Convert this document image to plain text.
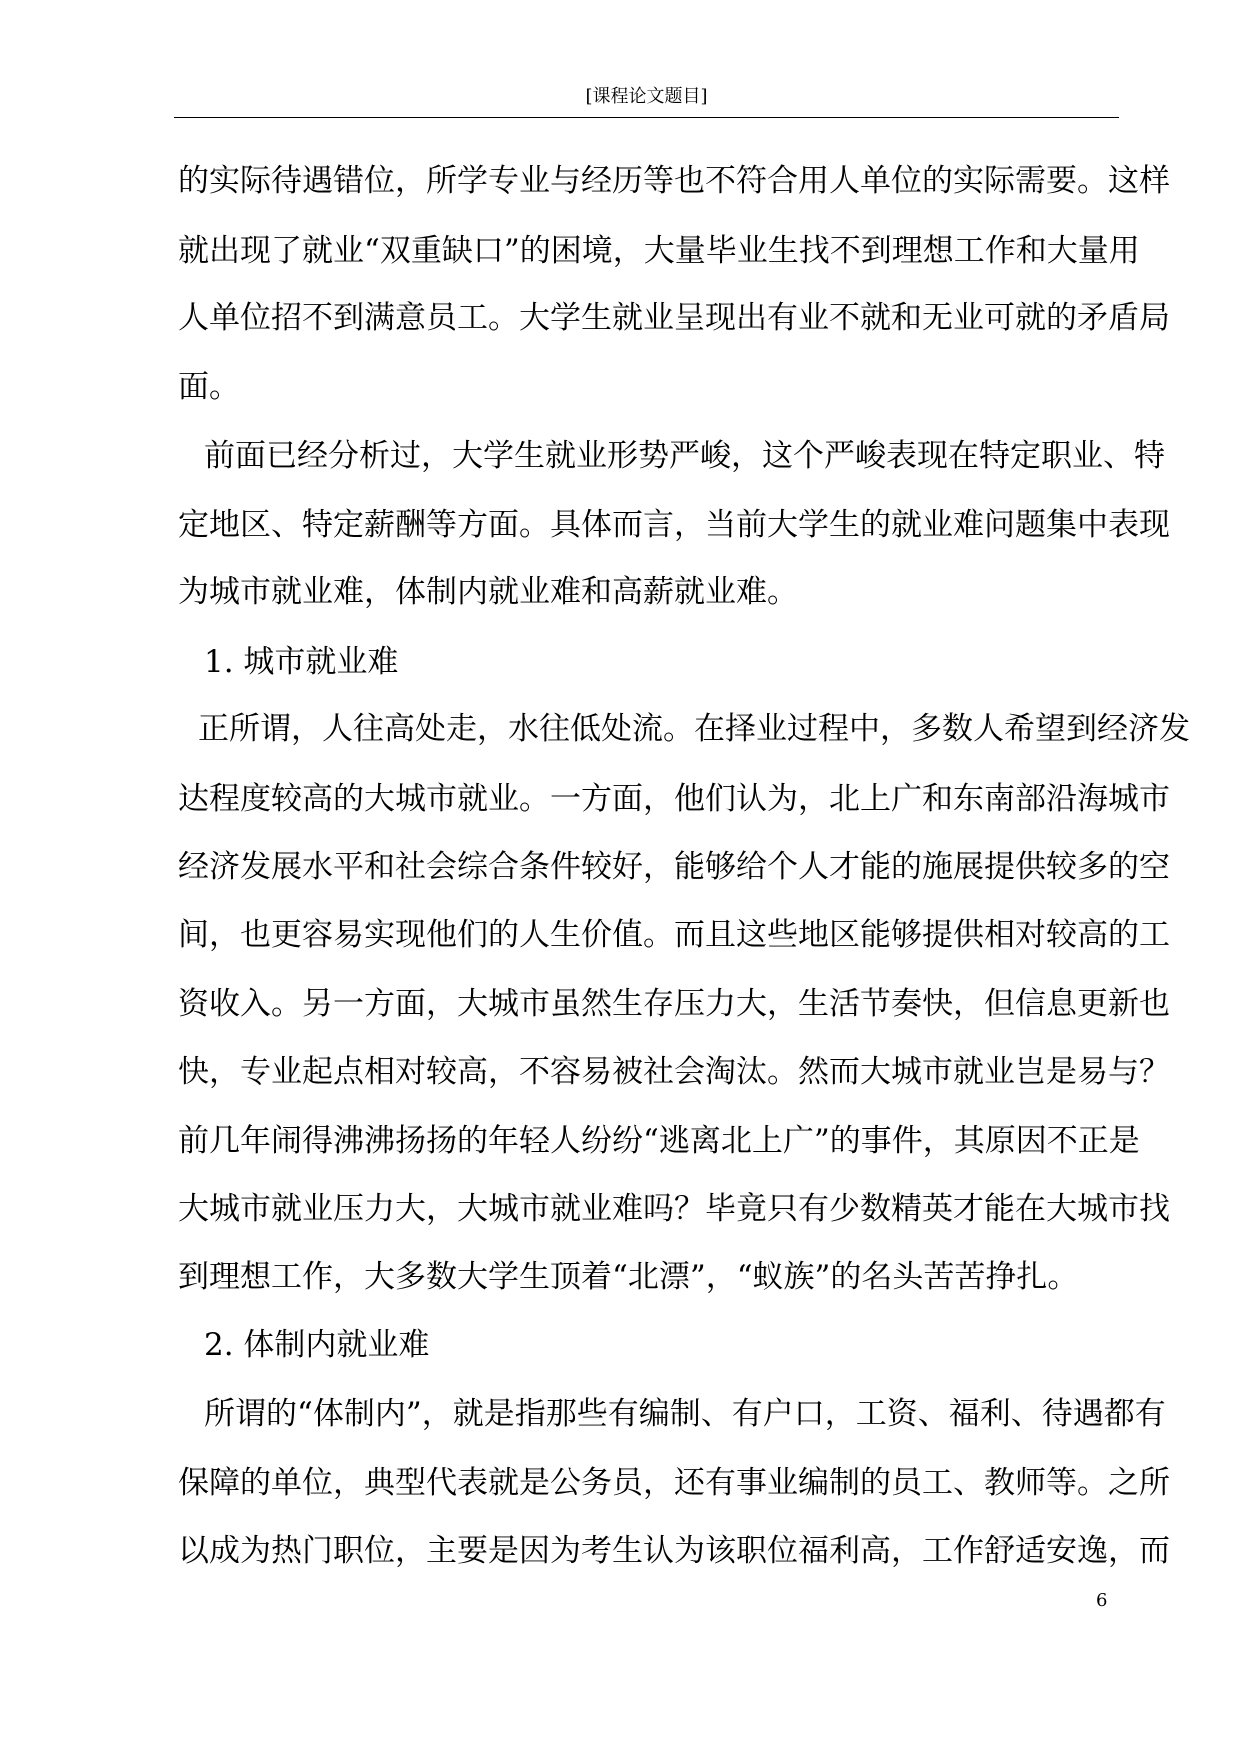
[课程论文题目]
的实际待遇错位，所学专业与经历等也不符合用人单位的实际需要。这样
就出现了就业“双重缺口”的困境，大量毕业生找不到理想工作和大量用
人单位招不到满意员工。大学生就业呈现出有业不就和无业可就的矛盾局
面。
前面已经分析过，大学生就业形势严峻，这个严峻表现在特定职业、特
定地区、特定薪酬等方面。具体而言，当前大学生的就业难问题集中表现
为城市就业难，体制内就业难和高薪就业难。
1. 城市就业难
正所谓，人往高处走，水往低处流。在择业过程中，多数人希望到经济发
达程度较高的大城市就业。一方面，他们认为，北上广和东南部沿海城市
经济发展水平和社会综合条件较好，能够给个人才能的施展提供较多的空
间，也更容易实现他们的人生价值。而且这些地区能够提供相对较高的工
资收入。另一方面，大城市虽然生存压力大，生活节奏快，但信息更新也
快，专业起点相对较高，不容易被社会淘汰。然而大城市就业岂是易与？
前几年闹得沸沸扬扬的年轻人纷纷“逃离北上广”的事件，其原因不正是
大城市就业压力大，大城市就业难吗？毕竟只有少数精英才能在大城市找
到理想工作，大多数大学生顶着“北漂”，“蚁族”的名头苦苦挣扎。
2. 体制内就业难
所谓的“体制内”，就是指那些有编制、有户口，工资、福利、待遇都有
保障的单位，典型代表就是公务员，还有事业编制的员工、教师等。之所
以成为热门职位，主要是因为考生认为该职位福利高，工作舒适安逸，而
6
